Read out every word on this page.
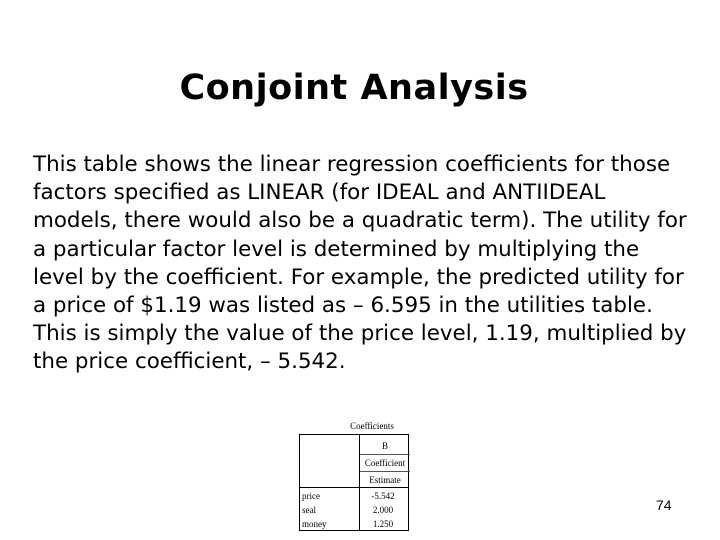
Conjoint Analysis

This table shows the linear regression coefficients for those factors specified as LINEAR (for IDEAL and ANTIIDEAL models, there would also be a quadratic term). The utility for a particular factor level is determined by multiplying the level by the coefficient. For example, the predicted utility for a price of $1.19 was listed as – 6.595 in the utilities table. This is simply the value of the price level, 1.19, multiplied by the price coefficient, – 5.542.

Coefficients
B
Coefficient
Estimate
price	-5.542
seal	2.000
money	1.250
74
